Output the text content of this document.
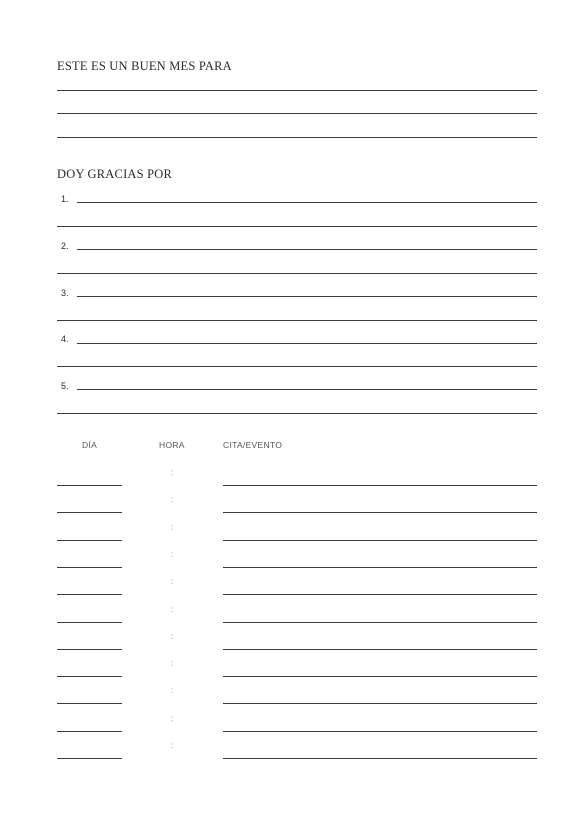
ESTE ES UN BUEN MES PARA
DOY GRACIAS POR
1.
2.
3.
4.
5.
DÍA	HORA	CITA/EVENTO
:
:
:
:
:
:
:
:
:
:
:
